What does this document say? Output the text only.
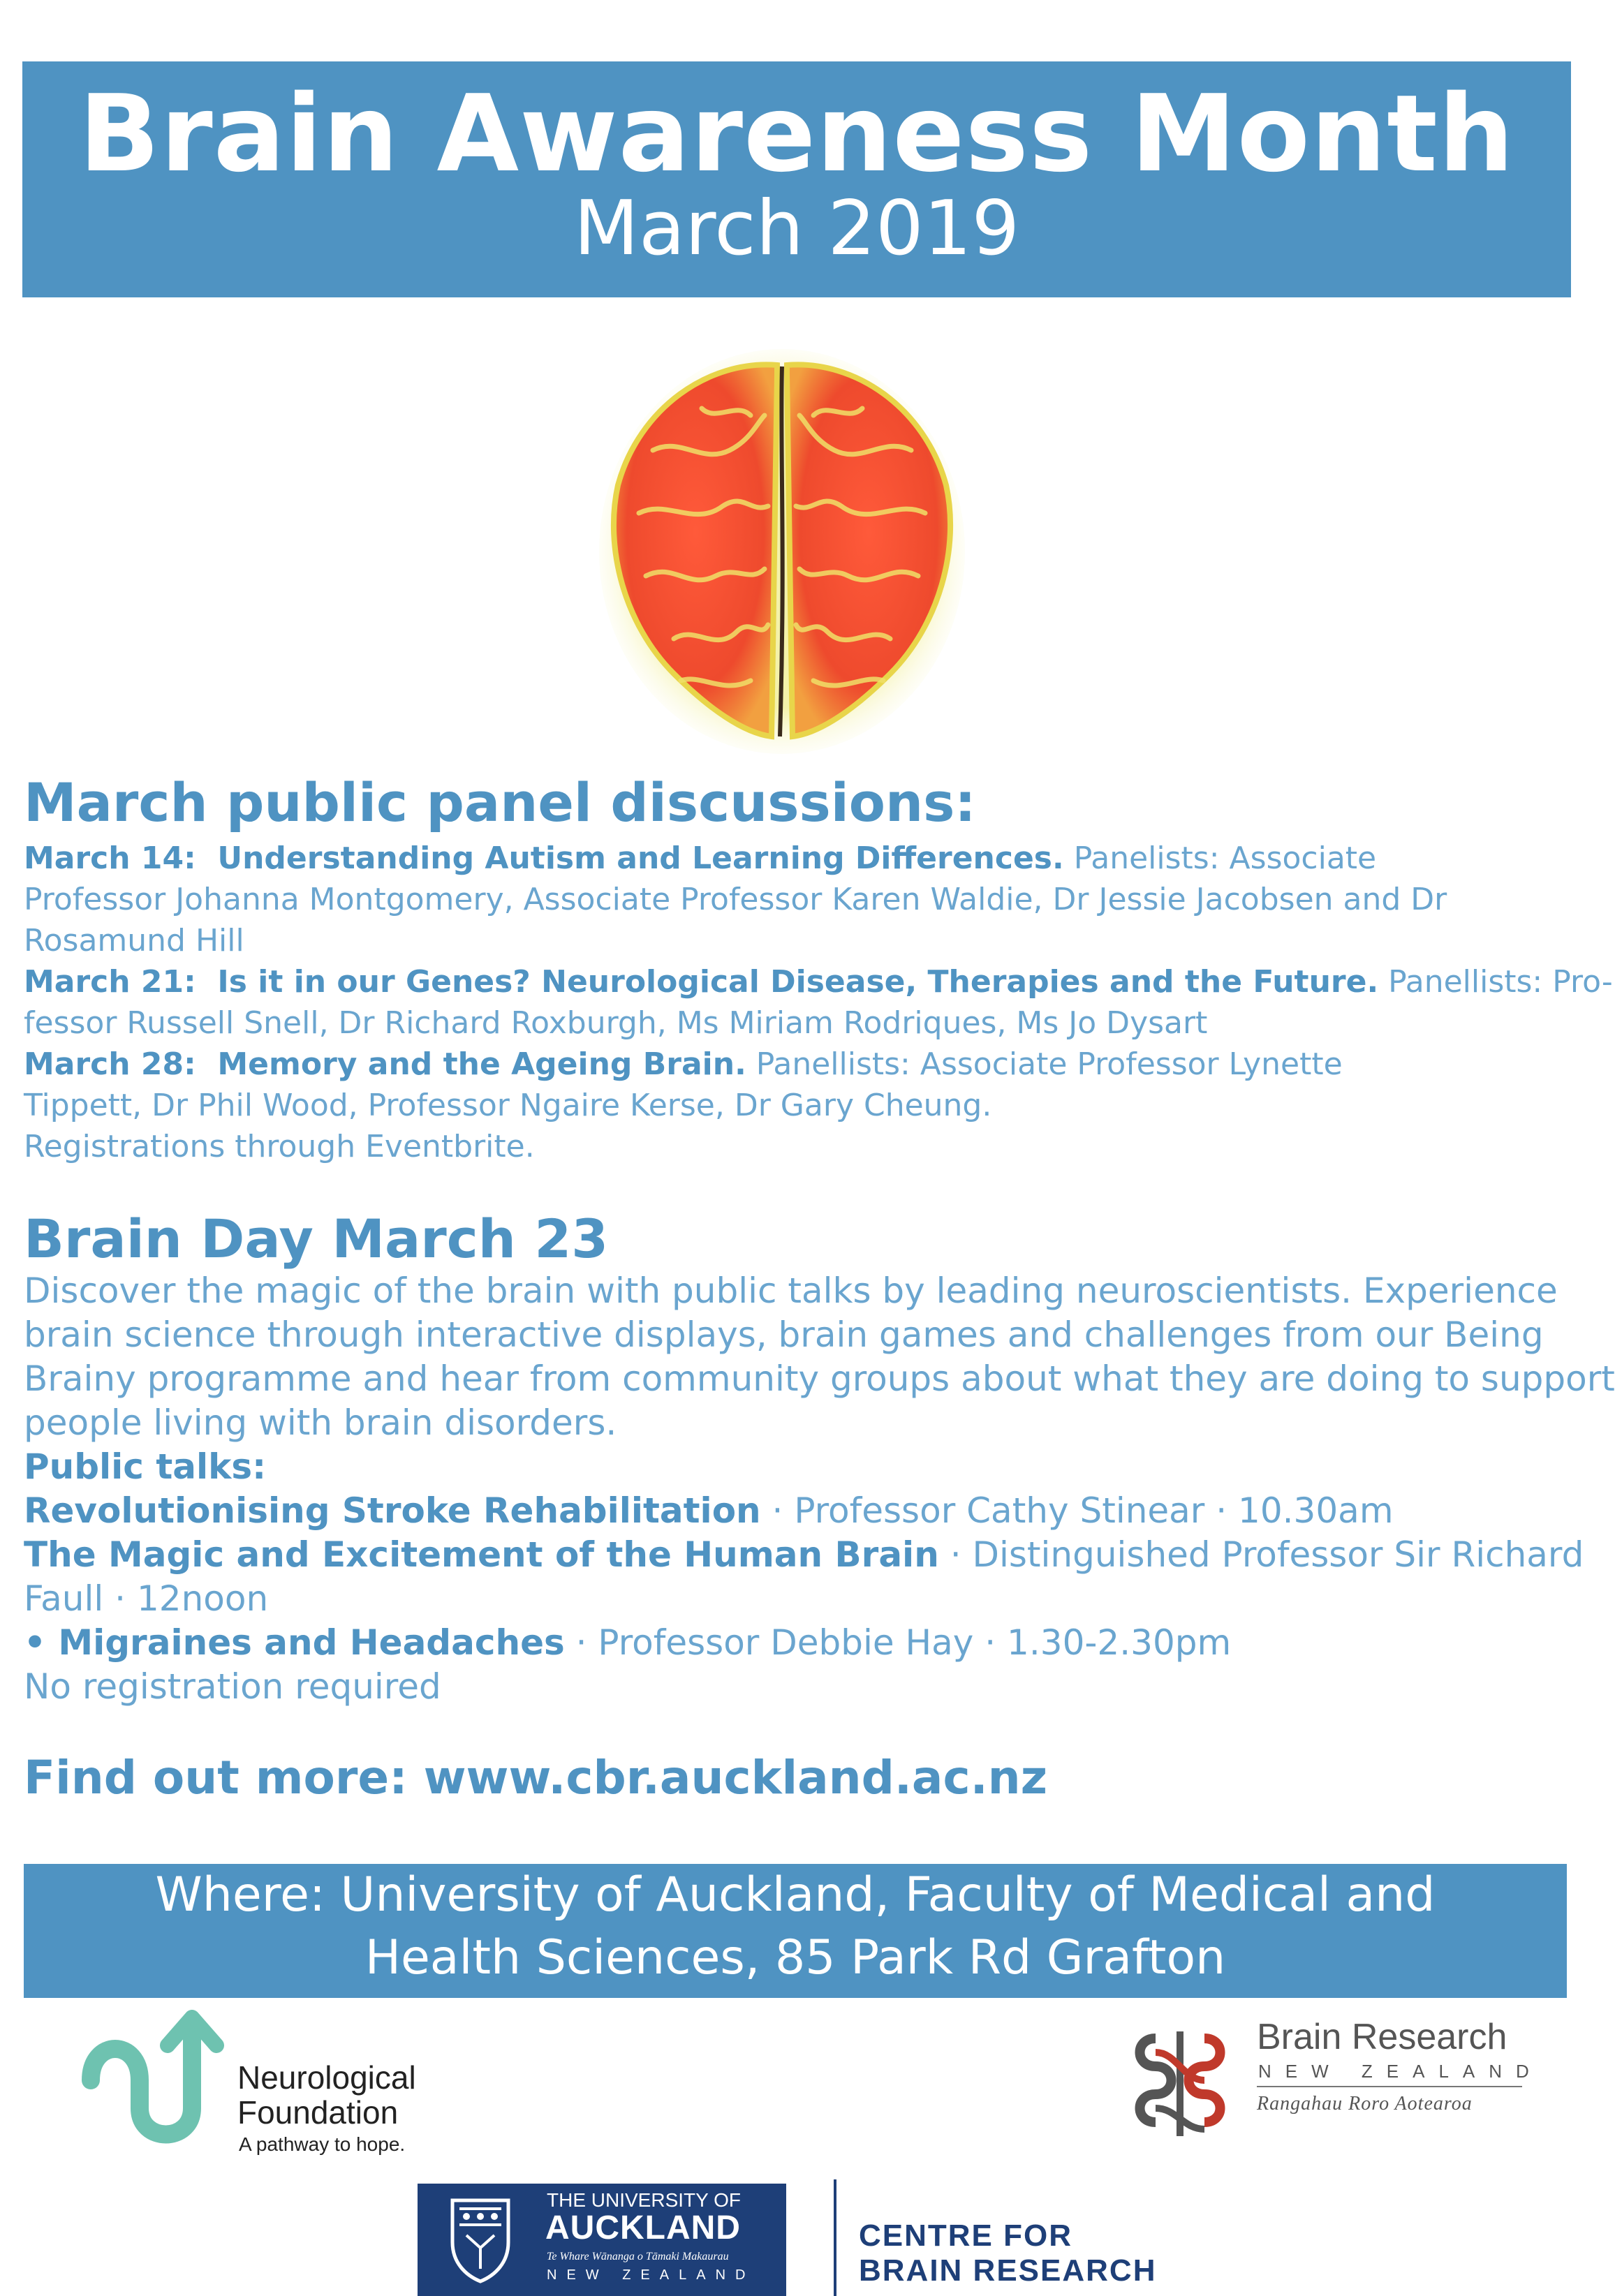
Brain Awareness Month
March 2019
March public panel discussions:
March 14: Understanding Autism and Learning Differences. Panelists: Associate
Professor Johanna Montgomery, Associate Professor Karen Waldie, Dr Jessie Jacobsen and Dr
Rosamund Hill
March 21: Is it in our Genes? Neurological Disease, Therapies and the Future. Panellists: Pro-
fessor Russell Snell, Dr Richard Roxburgh, Ms Miriam Rodriques, Ms Jo Dysart
March 28: Memory and the Ageing Brain. Panellists: Associate Professor Lynette
Tippett, Dr Phil Wood, Professor Ngaire Kerse, Dr Gary Cheung.
Registrations through Eventbrite.
Brain Day March 23
Discover the magic of the brain with public talks by leading neuroscientists. Experience
brain science through interactive displays, brain games and challenges from our Being
Brainy programme and hear from community groups about what they are doing to support
people living with brain disorders.
Public talks:
Revolutionising Stroke Rehabilitation · Professor Cathy Stinear · 10.30am
The Magic and Excitement of the Human Brain · Distinguished Professor Sir Richard
Faull · 12noon
• Migraines and Headaches · Professor Debbie Hay · 1.30-2.30pm
No registration required
Find out more: www.cbr.auckland.ac.nz
Where: University of Auckland, Faculty of Medical and
Health Sciences, 85 Park Rd Grafton
Neurological
Foundation
A pathway to hope.
Brain Research
NEW ZEALAND
Rangahau Roro Aotearoa
THE UNIVERSITY OF
AUCKLAND
Te Whare Wānanga o Tāmaki Makaurau
NEW ZEALAND
CENTRE FOR
BRAIN RESEARCH
